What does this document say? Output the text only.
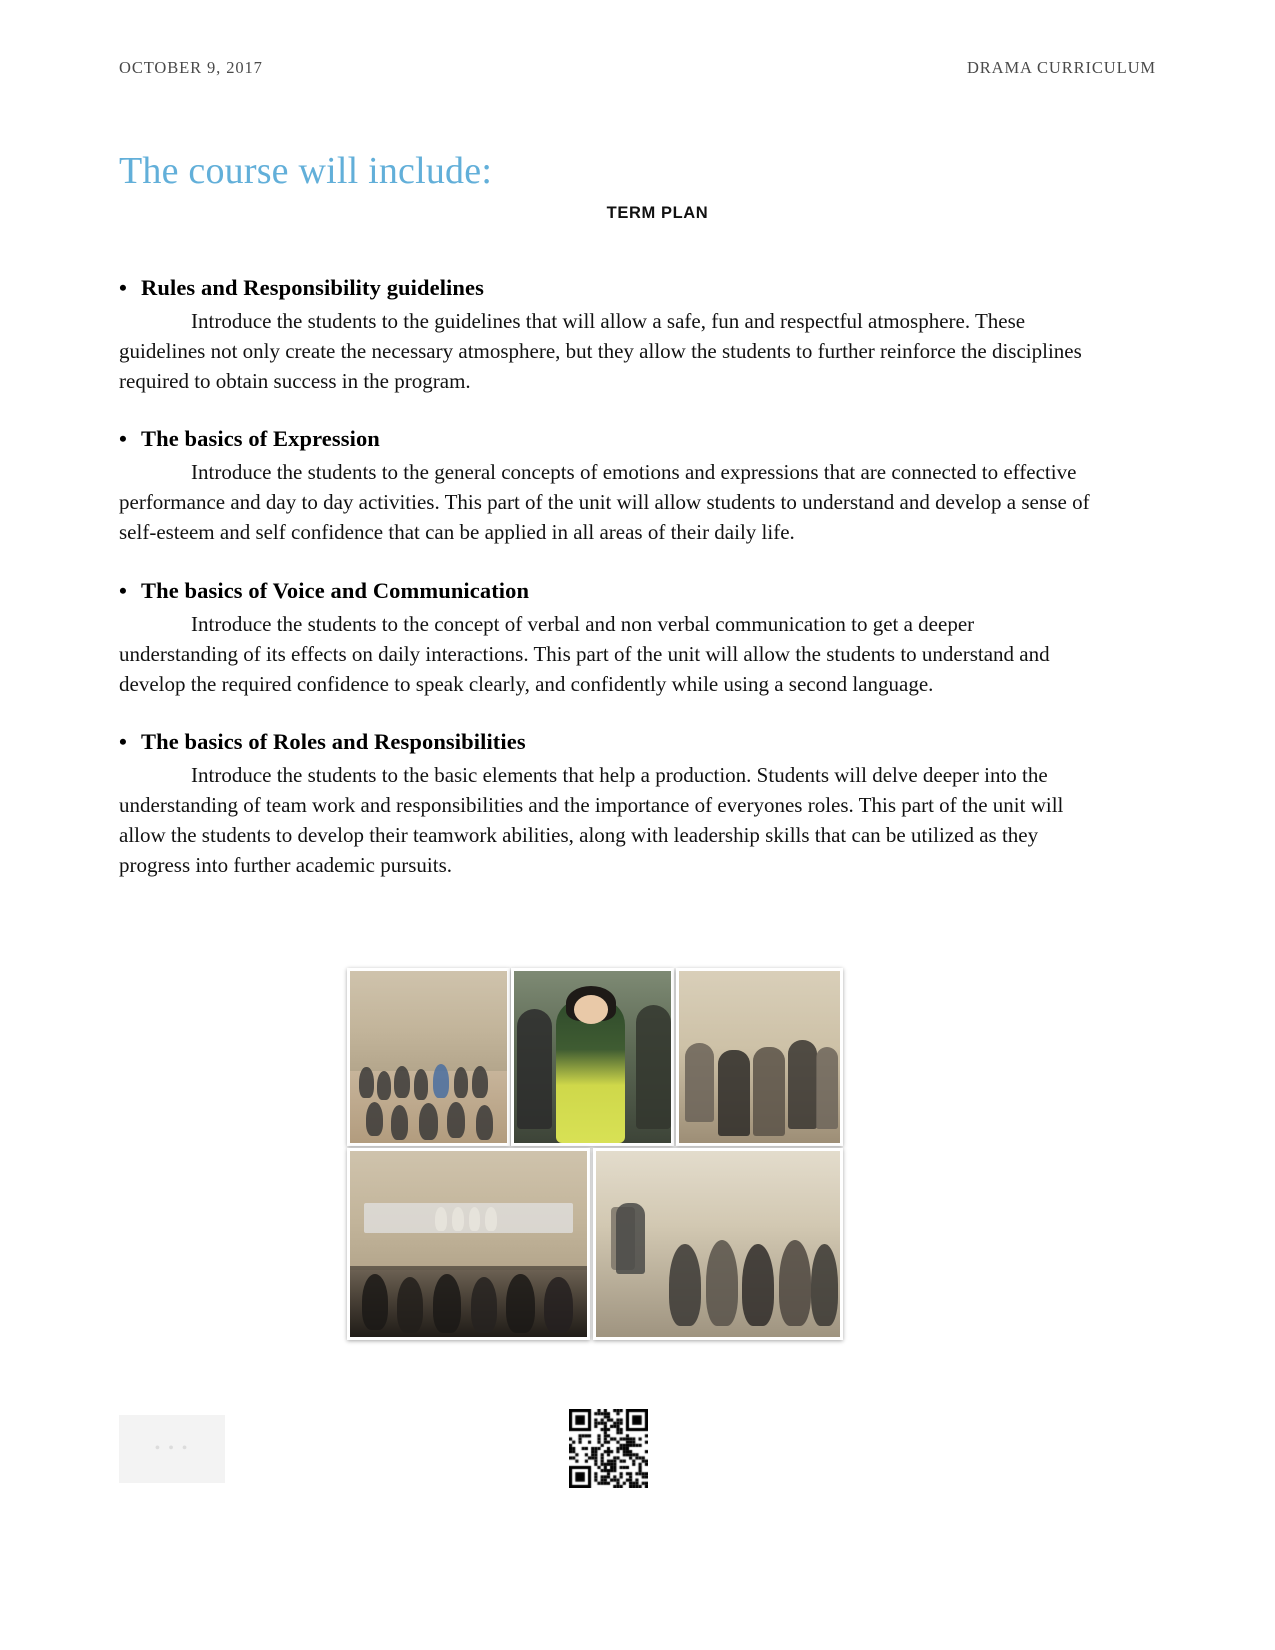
OCTOBER 9, 2017	DRAMA CURRICULUM
The course will include:
TERM PLAN
• Rules and Responsibility guidelines

Introduce the students to the guidelines that will allow a safe, fun and respectful atmosphere. These guidelines not only create the necessary atmosphere, but they allow the students to further reinforce the disciplines required to obtain success in the program.

• The basics of Expression

Introduce the students to the general concepts of emotions and expressions that are connected to effective performance and day to day activities. This part of the unit will allow students to understand and develop a sense of self-esteem and self confidence that can be applied in all areas of their daily life.

• The basics of Voice and Communication

Introduce the students to the concept of verbal and non verbal communication to get a deeper understanding of its effects on daily interactions. This part of the unit will allow the students to understand and develop the required confidence to speak clearly, and confidently while using a second language.

• The basics of Roles and Responsibilities

Introduce the students to the basic elements that help a production. Students will delve deeper into the understanding of team work and responsibilities and the importance of everyones roles. This part of the unit will allow the students to develop their teamwork abilities, along with leadership skills that can be utilized as they progress into further academic pursuits.

• • •
